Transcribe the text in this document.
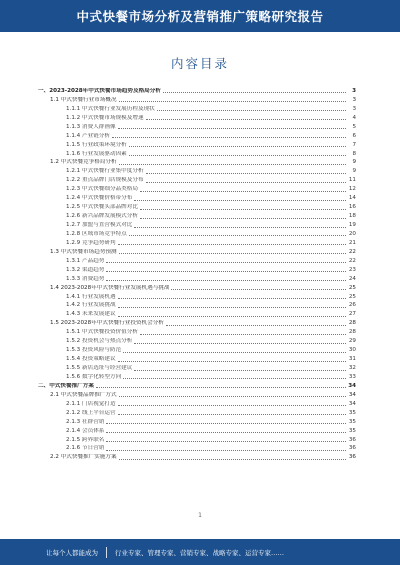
中式快餐市场分析及营销推广策略研究报告
内容目录
一、2023-2028年中式快餐市场趋势及格局分析	3
1.1 中式快餐行业市场概况	3
1.1.1 中式快餐行业发展历程及现状	3
1.1.2 中式快餐市场规模及增速	4
1.1.3 消费人群画像	5
1.1.4 产业链分析	6
1.1.5 行业政策环境分析	7
1.1.6 行业发展驱动因素	8
1.2 中式快餐竞争格局分析	9
1.2.1 中式快餐行业集中度分析	9
1.2.2 重点品牌门店规模及分布	11
1.2.3 中式快餐细分品类格局	12
1.2.4 中式快餐价格带分布	14
1.2.5 中式快餐头部品牌对比	16
1.2.6 新兴品牌发展模式分析	18
1.2.7 加盟与直营模式对比	19
1.2.8 区域市场竞争特点	20
1.2.9 竞争趋势研判	21
1.3 中式快餐市场趋势预测	22
1.3.1 产品趋势	22
1.3.2 渠道趋势	23
1.3.3 消费趋势	24
1.4 2023-2028年中式快餐行业发展机遇与挑战	25
1.4.1 行业发展机遇	25
1.4.2 行业发展挑战	26
1.4.3 未来发展建议	27
1.5 2023-2028年中式快餐行业投资机会分析	28
1.5.1 中式快餐投资价值分析	28
1.5.2 投资机会与热点分析	29
1.5.3 投资风险与防范	30
1.5.4 投资策略建议	31
1.5.5 新店选址与经营建议	32
1.5.6 数字化转型方向	33
二、中式快餐推广方案	34
2.1 中式快餐品牌推广方式	34
2.1.1 门店视觉打造	34
2.1.2 线上平台运营	35
2.1.3 社群营销	35
2.1.4 会员体系	35
2.1.5 跨界联名	36
2.1.6 节日营销	36
2.2 中式快餐推广实施方案	36
1
让每个人都能成为	行业专家、管理专家、营销专家、战略专家、运营专家……
